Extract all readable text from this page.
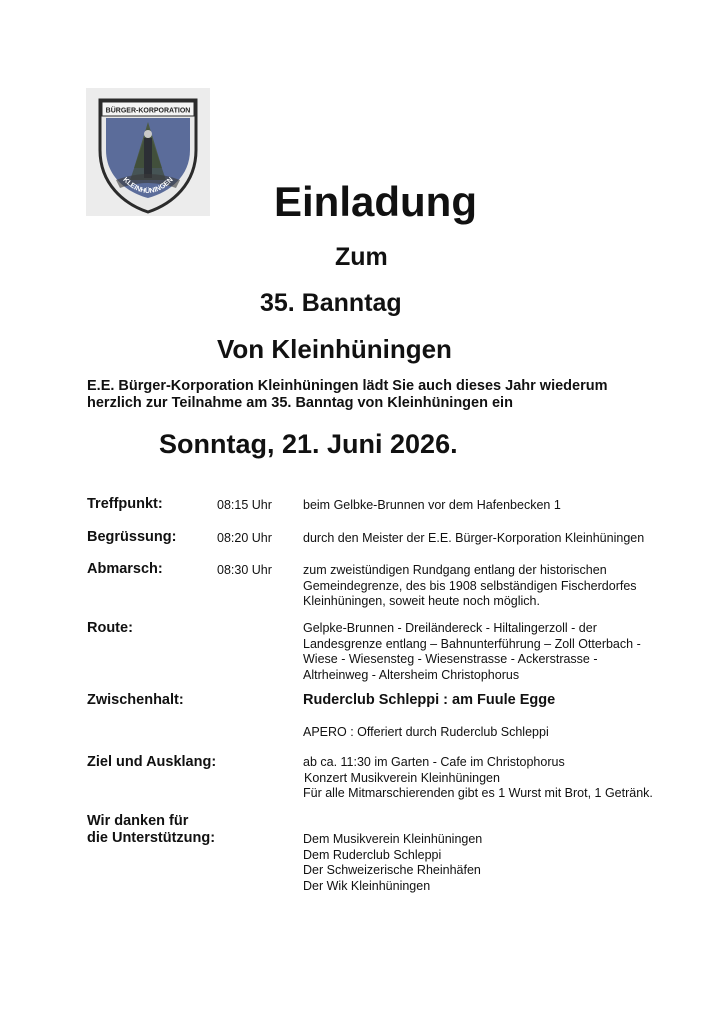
BÜRGER-KORPORATION
KLEINHÜNINGEN Einladung
Zum
35. Banntag
Von Kleinhüningen
E.E. Bürger-Korporation Kleinhüningen lädt Sie auch dieses Jahr wiederum
herzlich zur Teilnahme am 35. Banntag von Kleinhüningen ein
Sonntag, 21. Juni 2026.
Treffpunkt:	08:15 Uhr beim Gelbke-Brunnen vor dem Hafenbecken 1
Begrüssung:	08:20 Uhr durch den Meister der E.E. Bürger-Korporation Kleinhüningen
Abmarsch:	08:30 Uhr zum zweistündigen Rundgang entlang der historischen
Gemeindegrenze, des bis 1908 selbständigen Fischerdorfes
Kleinhüningen, soweit heute noch möglich.
Route:	Gelpke-Brunnen - Dreiländereck - Hiltalingerzoll - der
Landesgrenze entlang – Bahnunterführung – Zoll Otterbach -
Wiese - Wiesensteg - Wiesenstrasse - Ackerstrasse -
Altrheinweg - Altersheim Christophorus
Zwischenhalt:	Ruderclub Schleppi : am Fuule Egge
APERO : Offeriert durch Ruderclub Schleppi
Ziel und Ausklang:	ab ca. 11:30 im Garten - Cafe im Christophorus
Konzert Musikverein Kleinhüningen
Für alle Mitmarschierenden gibt es 1 Wurst mit Brot, 1 Getränk.
Wir danken für
die Unterstützung:	Dem Musikverein Kleinhüningen
Dem Ruderclub Schleppi
Der Schweizerische Rheinhäfen
Der Wik Kleinhüningen
